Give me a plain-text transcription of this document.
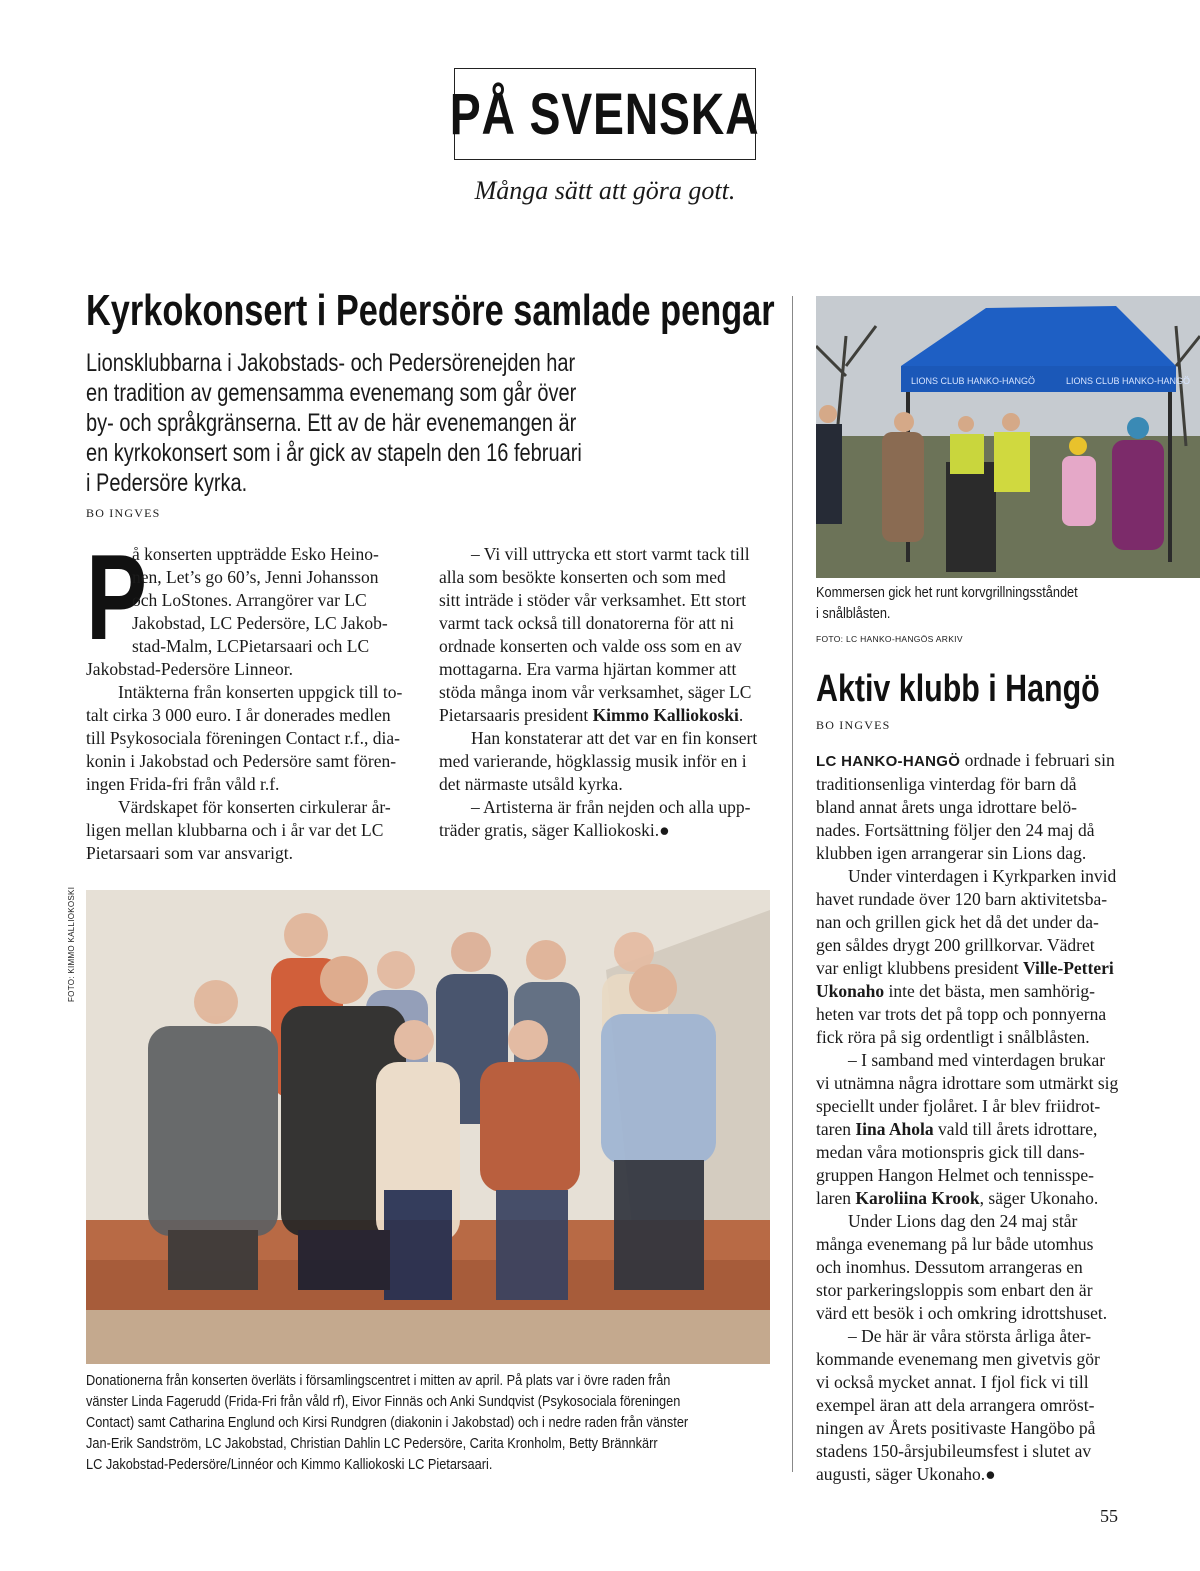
PÅ SVENSKA
Många sätt att göra gott.
Kyrkokonsert i Pedersöre samlade pengar
Lionsklubbarna i Jakobstads- och Pedersörenejden har
en tradition av gemensamma evenemang som går över
by- och språkgränserna. Ett av de här evenemangen är
en kyrkokonsert som i år gick av stapeln den 16 februari
i Pedersöre kyrka.
BO INGVES
P
å konserten uppträdde Esko Heino-
nen, Let’s go 60’s, Jenni Johansson
och LoStones. Arrangörer var LC
Jakobstad, LC Pedersöre, LC Jakob-
stad-Malm, LCPietarsaari och LC
Jakobstad-Pedersöre Linneor.
Intäkterna från konserten uppgick till to-
talt cirka 3 000 euro. I år donerades medlen
till Psykosociala föreningen Contact r.f., dia-
konin i Jakobstad och Pedersöre samt fören-
ingen Frida-fri från våld r.f.
Värdskapet för konserten cirkulerar år-
ligen mellan klubbarna och i år var det LC
Pietarsaari som var ansvarigt.
– Vi vill uttrycka ett stort varmt tack till
alla som besökte konserten och som med
sitt inträde i stöder vår verksamhet. Ett stort
varmt tack också till donatorerna för att ni
ordnade konserten och valde oss som en av
mottagarna. Era varma hjärtan kommer att
stöda många inom vår verksamhet, säger LC
Pietarsaaris president Kimmo Kalliokoski.
Han konstaterar att det var en fin konsert
med varierande, högklassig musik inför en i
det närmaste utsåld kyrka.
– Artisterna är från nejden och alla upp-
träder gratis, säger Kalliokoski.●
FOTO: KIMMO KALLIOKOSKI
Donationerna från konserten överläts i församlingscentret i mitten av april. På plats var i övre raden från
vänster Linda Fagerudd (Frida-Fri från våld rf), Eivor Finnäs och Anki Sundqvist (Psykosociala föreningen
Contact) samt Catharina Englund och Kirsi Rundgren (diakonin i Jakobstad) och i nedre raden från vänster
Jan-Erik Sandström, LC Jakobstad, Christian Dahlin LC Pedersöre, Carita Kronholm, Betty Brännkärr
LC Jakobstad-Pedersöre/Linnéor och Kimmo Kalliokoski LC Pietarsaari.
LIONS CLUB HANKO-HANGÖ	LIONS CLUB HANKO-HANGÖ
Kommersen gick het runt korvgrillningsståndet
i snålblåsten.
FOTO: LC HANKO-HANGÖS ARKIV
Aktiv klubb i Hangö
BO INGVES
LC HANKO-HANGÖ ordnade i februari sin
traditionsenliga vinterdag för barn då
bland annat årets unga idrottare belö-
nades. Fortsättning följer den 24 maj då
klubben igen arrangerar sin Lions dag.
Under vinterdagen i Kyrkparken invid
havet rundade över 120 barn aktivitetsba-
nan och grillen gick het då det under da-
gen såldes drygt 200 grillkorvar. Vädret
var enligt klubbens president Ville-Petteri
Ukonaho inte det bästa, men samhörig-
heten var trots det på topp och ponnyerna
fick röra på sig ordentligt i snålblåsten.
– I samband med vinterdagen brukar
vi utnämna några idrottare som utmärkt sig
speciellt under fjolåret. I år blev friidrot-
taren Iina Ahola vald till årets idrottare,
medan våra motionspris gick till dans-
gruppen Hangon Helmet och tennisspe-
laren Karoliina Krook, säger Ukonaho.
Under Lions dag den 24 maj står
många evenemang på lur både utomhus
och inomhus. Dessutom arrangeras en
stor parkeringsloppis som enbart den är
värd ett besök i och omkring idrottshuset.
– De här är våra största årliga åter-
kommande evenemang men givetvis gör
vi också mycket annat. I fjol fick vi till
exempel äran att dela arrangera omröst-
ningen av Årets positivaste Hangöbo på
stadens 150-årsjubileumsfest i slutet av
augusti, säger Ukonaho.●
55
